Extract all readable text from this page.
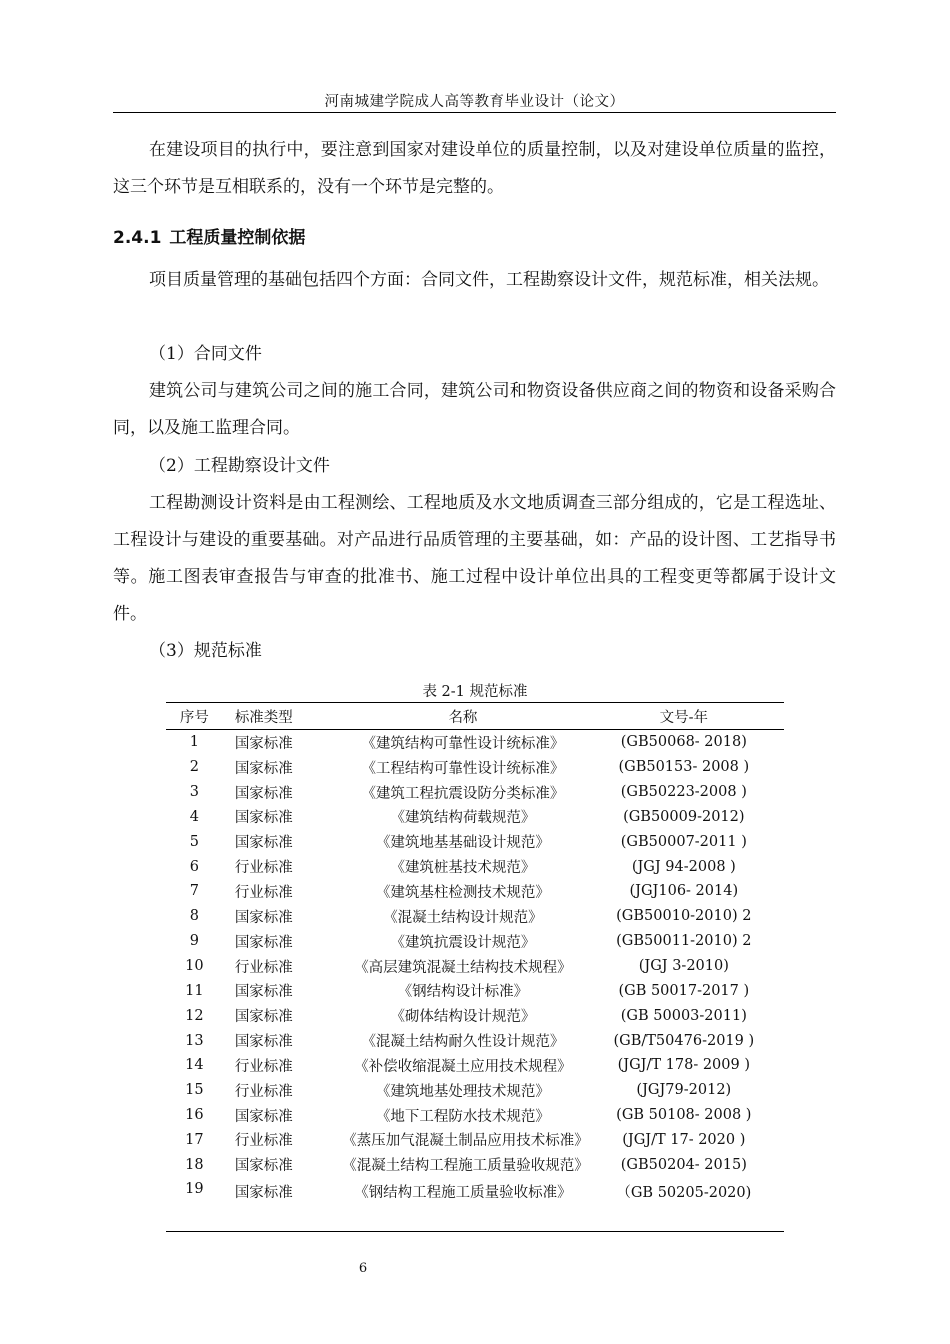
河南城建学院成人高等教育毕业设计（论文）
在建设项目的执行中，要注意到国家对建设单位的质量控制，以及对建设单位质量的监控，这三个环节是互相联系的，没有一个环节是完整的。
2.4.1 工程质量控制依据
项目质量管理的基础包括四个方面：合同文件，工程勘察设计文件，规范标准，相关法规。
（1）合同文件
建筑公司与建筑公司之间的施工合同，建筑公司和物资设备供应商之间的物资和设备采购合同，以及施工监理合同。
（2）工程勘察设计文件
工程勘测设计资料是由工程测绘、工程地质及水文地质调查三部分组成的，它是工程选址、工程设计与建设的重要基础。对产品进行品质管理的主要基础，如：产品的设计图、工艺指导书等。施工图表审查报告与审查的批准书、施工过程中设计单位出具的工程变更等都属于设计文件。
（3）规范标准
表 2-1 规范标准
序号	标准类型	名称	文号-年
1	国家标准	《建筑结构可靠性设计统标准》	(GB50068- 2018)
2	国家标准	《工程结构可靠性设计统标准》	(GB50153- 2008 )
3	国家标准	《建筑工程抗震设防分类标准》	(GB50223-2008 )
4	国家标准	《建筑结构荷载规范》	(GB50009-2012)
5	国家标准	《建筑地基基础设计规范》	(GB50007-2011 )
6	行业标准	《建筑桩基技术规范》	(JGJ 94-2008 )
7	行业标准	《建筑基柱检测技术规范》	(JGJ106- 2014)
8	国家标准	《混凝土结构设计规范》	(GB50010-2010) 2
9	国家标准	《建筑抗震设计规范》	(GB50011-2010) 2
10	行业标准	《高层建筑混凝土结构技术规程》	(JGJ 3-2010)
11	国家标准	《钢结构设计标准》	(GB 50017-2017 )
12	国家标准	《砌体结构设计规范》	(GB 50003-2011)
13	国家标准	《混凝土结构耐久性设计规范》	(GB/T50476-2019 )
14	行业标准	《补偿收缩混凝土应用技术规程》	(JGJ/T 178- 2009 )
15	行业标准	《建筑地基处理技术规范》	(JGJ79-2012)
16	国家标准	《地下工程防水技术规范》	(GB 50108- 2008 )
17	行业标准	《蒸压加气混凝土制品应用技术标准》	(JGJ/T 17- 2020 )
18	国家标准	《混凝土结构工程施工质量验收规范》	(GB50204- 2015)
19	国家标准	《钢结构工程施工质量验收标准》	（GB 50205-2020)
6
